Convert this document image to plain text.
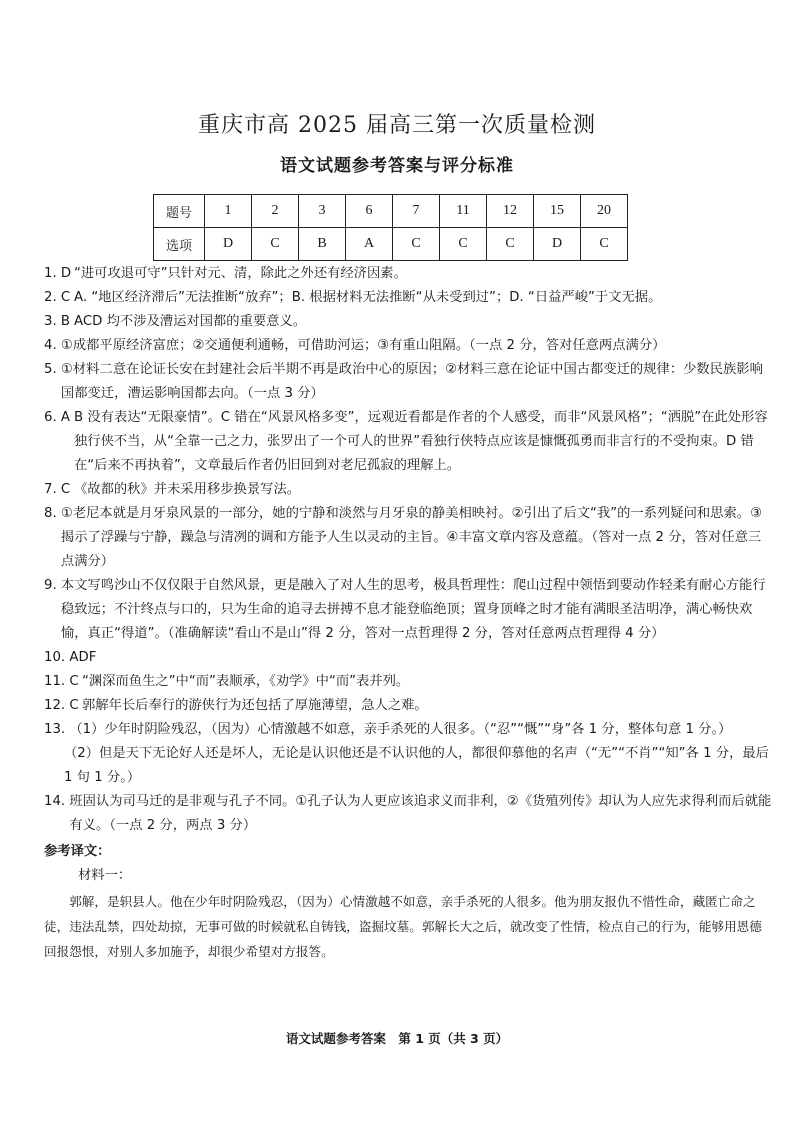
重庆市高 2025 届高三第一次质量检测
语文试题参考答案与评分标准
题号	1	2	3	6	7	11	12	15	20
选项	D	C	B	A	C	C	C	D	C
1. D “进可攻退可守”只针对元、清，除此之外还有经济因素。
2. C A. “地区经济滞后”无法推断“放弃”；B. 根据材料无法推断“从未受到过”；D. “日益严峻”于文无据。
3. B ACD 均不涉及漕运对国都的重要意义。
4. ①成都平原经济富庶；②交通便利通畅，可借助河运；③有重山阻隔。（一点 2 分，答对任意两点满分）
5. ①材料二意在论证长安在封建社会后半期不再是政治中心的原因；②材料三意在论证中国古都变迁的规律：少数民族影响国都变迁，漕运影响国都去向。（一点 3 分）
6. A B 没有表达“无限豪情”。C 错在“风景风格多变”，远观近看都是作者的个人感受，而非“风景风格”；“洒脱”在此处形容独行侠不当，从“全靠一己之力，张罗出了一个可人的世界”看独行侠特点应该是慷慨孤勇而非言行的不受拘束。D 错在“后来不再执着”，文章最后作者仍旧回到对老尼孤寂的理解上。
7. C 《故都的秋》并未采用移步换景写法。
8. ①老尼本就是月牙泉风景的一部分，她的宁静和淡然与月牙泉的静美相映衬。②引出了后文“我”的一系列疑问和思索。③揭示了浮躁与宁静，躁急与清冽的调和方能予人生以灵动的主旨。④丰富文章内容及意蕴。（答对一点 2 分，答对任意三点满分）
9. 本文写鸣沙山不仅仅限于自然风景，更是融入了对人生的思考，极具哲理性：爬山过程中领悟到要动作轻柔有耐心方能行稳致远；不汁终点与口的，只为生命的追寻去拼搏不息才能登临绝顶；置身顶峰之时才能有满眼圣洁明净，满心畅快欢愉，真正“得道”。（准确解读“看山不是山”得 2 分，答对一点哲理得 2 分，答对任意两点哲理得 4 分）
10. ADF
11. C “渊深而鱼生之”中“而”表顺承，《劝学》中“而”表并列。
12. C 郭解年长后奉行的游侠行为还包括了厚施薄望，急人之难。
13. （1）少年时阴险残忍，（因为）心情激越不如意，亲手杀死的人很多。（“忍”“慨”“身”各 1 分，整体句意 1 分。）
（2）但是天下无论好人还是坏人，无论是认识他还是不认识他的人，都很仰慕他的名声（“无”“不肖”“知”各 1 分，最后 1 句 1 分。）
14. 班固认为司马迁的是非观与孔子不同。①孔子认为人更应该追求义而非利，②《货殖列传》却认为人应先求得利而后就能有义。（一点 2 分，两点 3 分）
参考译文：
材料一：
郭解，是轵县人。他在少年时阴险残忍，（因为）心情激越不如意，亲手杀死的人很多。他为朋友报仇不惜性命，藏匿亡命之徒，违法乱禁，四处劫掠，无事可做的时候就私自铸钱，盗掘坟墓。郭解长大之后，就改变了性情，检点自己的行为，能够用恩德回报怨恨，对别人多加施予，却很少希望对方报答。
语文试题参考答案　第 1 页（共 3 页）
